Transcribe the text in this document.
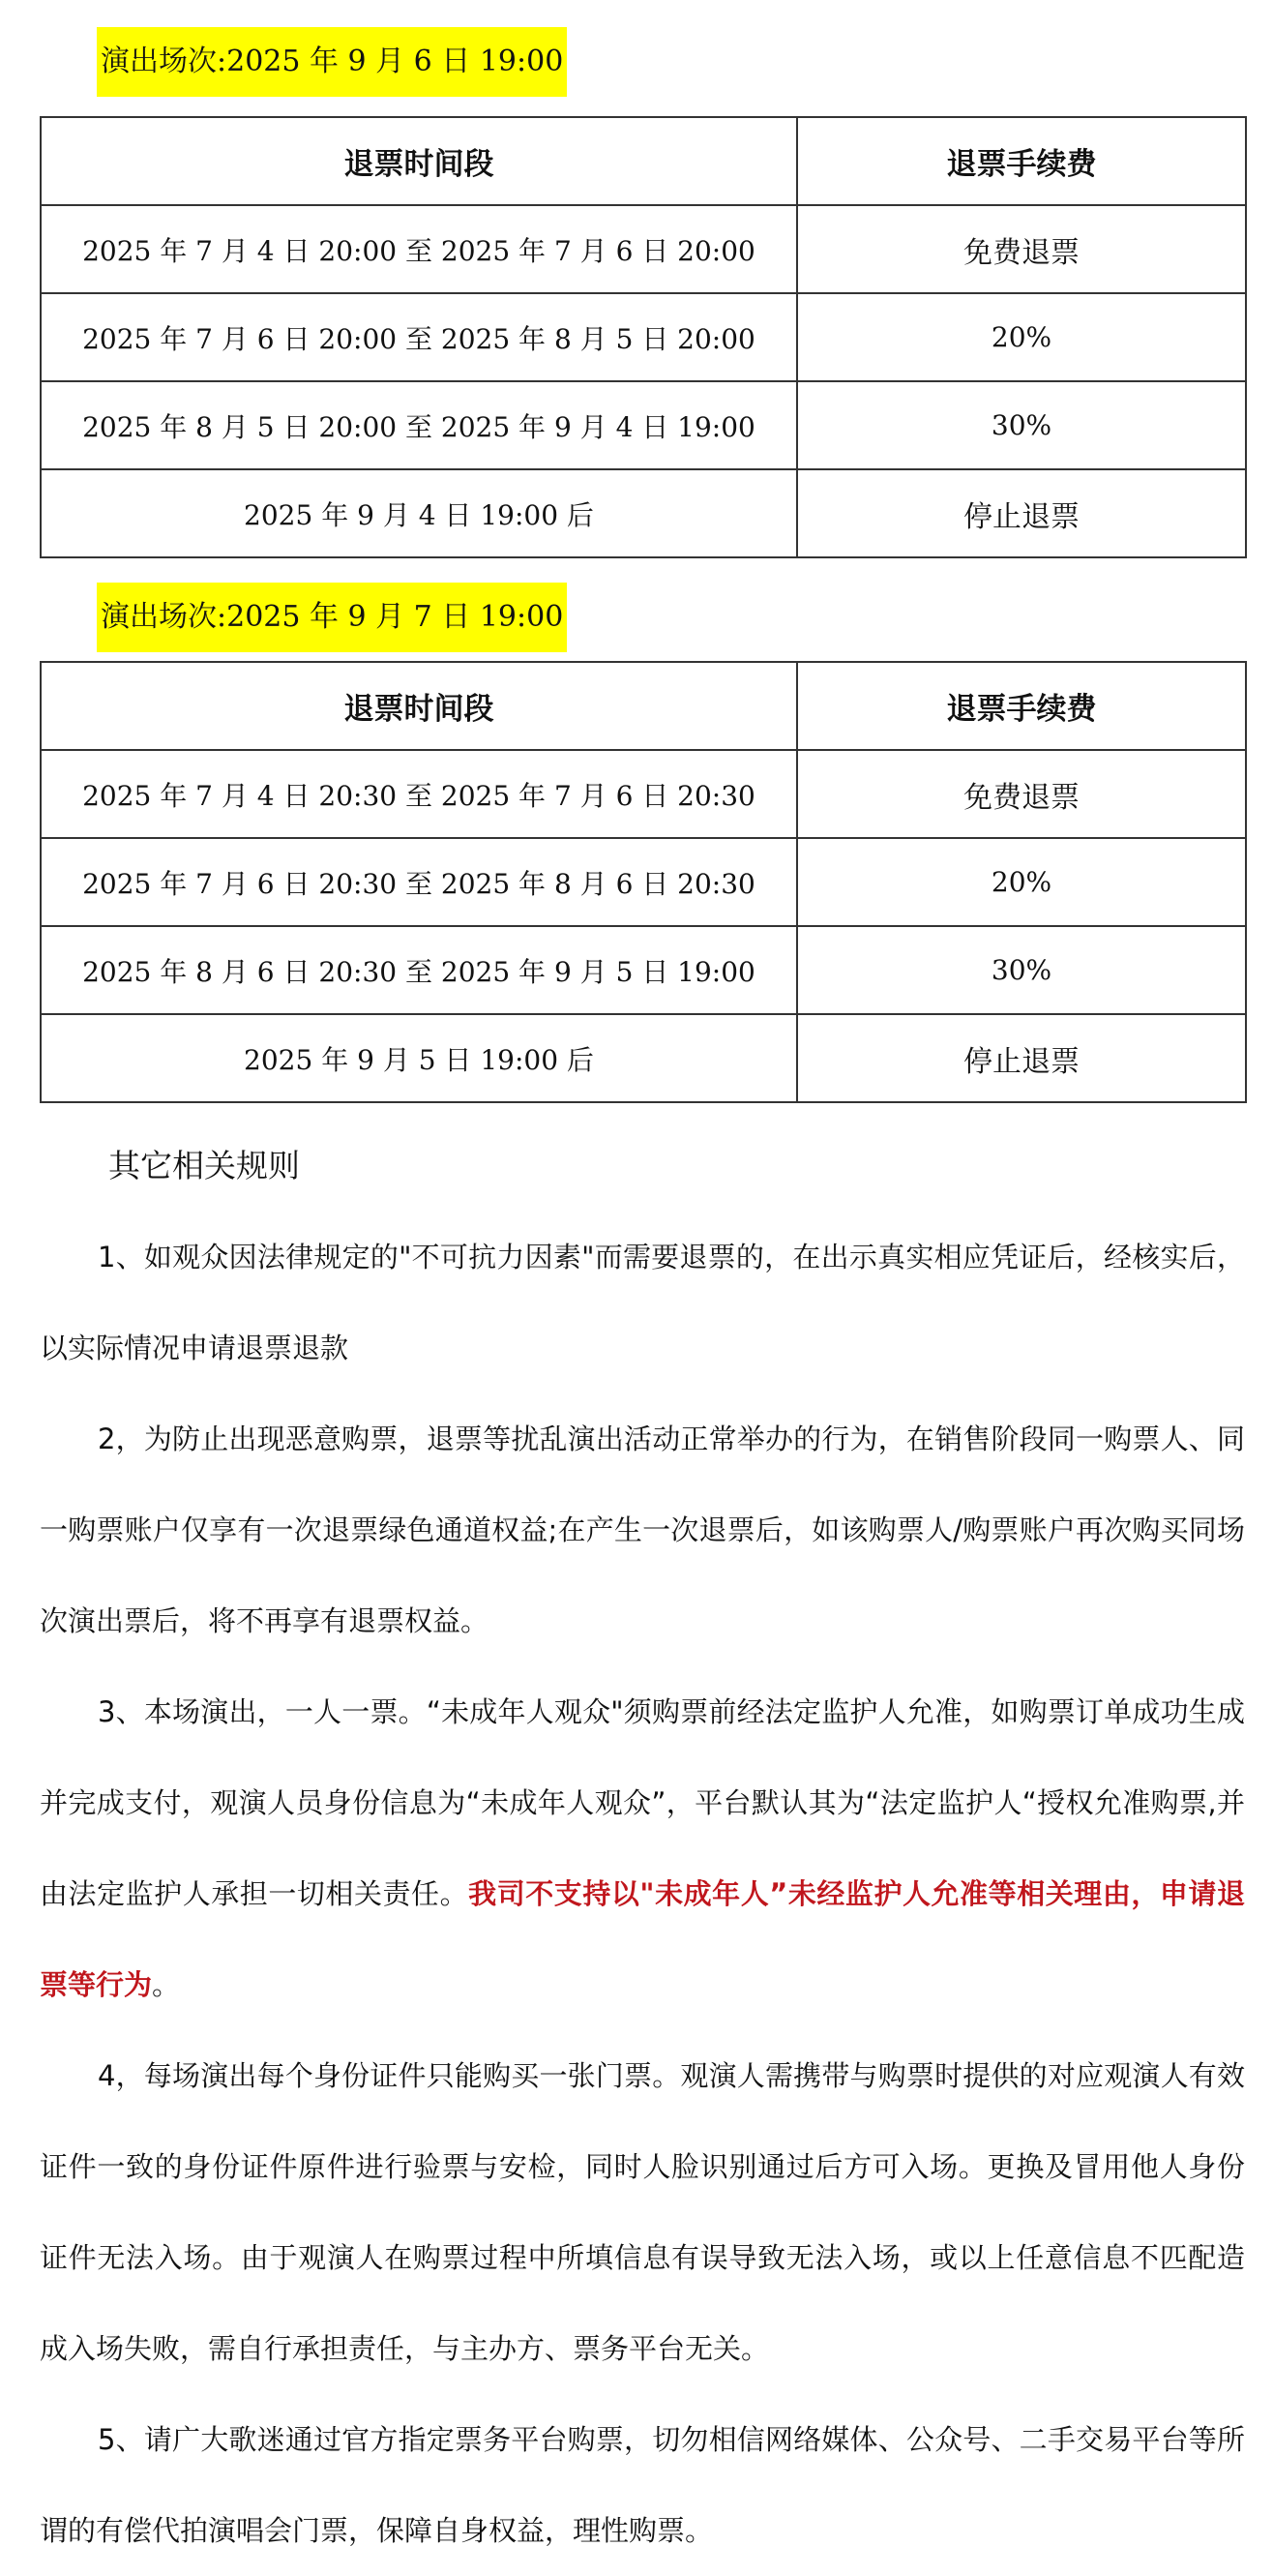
演出场次:2025 年 9 月 6 日 19:00
退票时间段	退票手续费
2025 年 7 月 4 日 20:00 至 2025 年 7 月 6 日 20:00	免费退票
2025 年 7 月 6 日 20:00 至 2025 年 8 月 5 日 20:00	20%
2025 年 8 月 5 日 20:00 至 2025 年 9 月 4 日 19:00	30%
2025 年 9 月 4 日 19:00 后	停止退票
演出场次:2025 年 9 月 7 日 19:00
退票时间段	退票手续费
2025 年 7 月 4 日 20:30 至 2025 年 7 月 6 日 20:30	免费退票
2025 年 7 月 6 日 20:30 至 2025 年 8 月 6 日 20:30	20%
2025 年 8 月 6 日 20:30 至 2025 年 9 月 5 日 19:00	30%
2025 年 9 月 5 日 19:00 后	停止退票
其它相关规则

1、如观众因法律规定的"不可抗力因素"而需要退票的，在出示真实相应凭证后，经核实后，以实际情况申请退票退款

2，为防止出现恶意购票，退票等扰乱演出活动正常举办的行为，在销售阶段同一购票人、同一购票账户仅享有一次退票绿色通道权益;在产生一次退票后，如该购票人/购票账户再次购买同场次演出票后，将不再享有退票权益。

3、本场演出，一人一票。“未成年人观众"须购票前经法定监护人允准，如购票订单成功生成并完成支付，观演人员身份信息为“未成年人观众”，平台默认其为“法定监护人“授权允准购票,并由法定监护人承担一切相关责任。我司不支持以"未成年人”未经监护人允准等相关理由，申请退票等行为。

4，每场演出每个身份证件只能购买一张门票。观演人需携带与购票时提供的对应观演人有效证件一致的身份证件原件进行验票与安检，同时人脸识别通过后方可入场。更换及冒用他人身份证件无法入场。由于观演人在购票过程中所填信息有误导致无法入场，或以上任意信息不匹配造成入场失败，需自行承担责任，与主办方、票务平台无关。

5、请广大歌迷通过官方指定票务平台购票，切勿相信网络媒体、公众号、二手交易平台等所谓的有偿代拍演唱会门票，保障自身权益，理性购票。
